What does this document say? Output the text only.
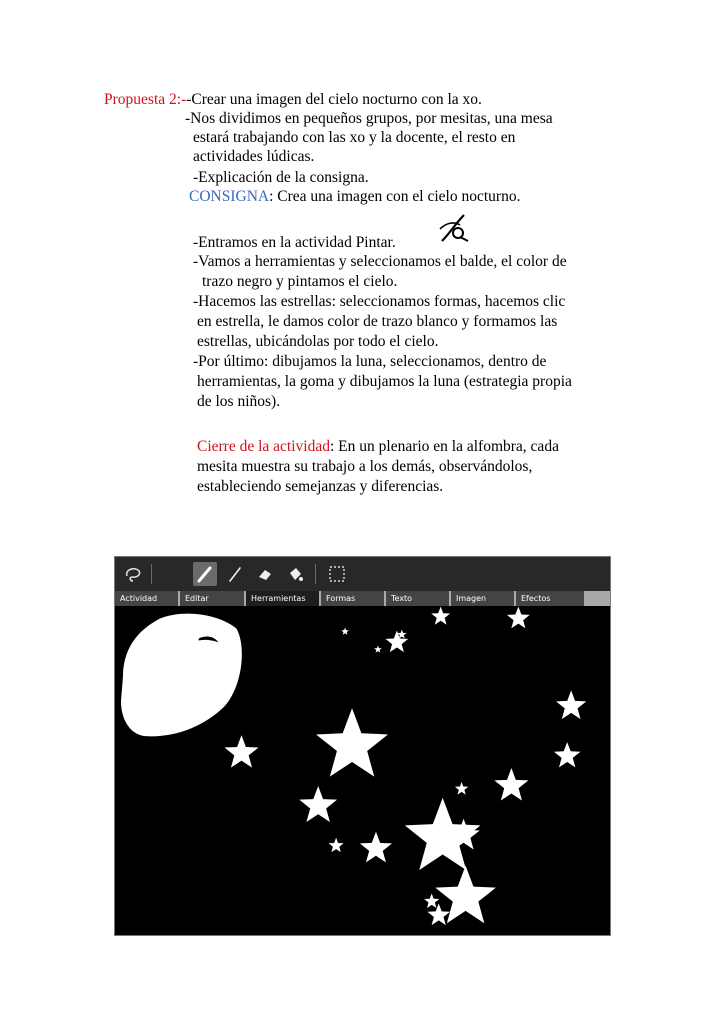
Propuesta 2:--Crear una imagen del cielo nocturno con la xo.
-Nos dividimos en pequeños grupos, por mesitas, una mesa
estará trabajando con las xo y la docente, el resto en
actividades lúdicas.
-Explicación de la consigna.
CONSIGNA: Crea una imagen con el cielo nocturno.
-Entramos en la actividad Pintar.
-Vamos a herramientas y seleccionamos el balde, el color de
trazo negro y pintamos el cielo.
-Hacemos las estrellas: seleccionamos formas, hacemos clic
en estrella, le damos color de trazo blanco y formamos las
estrellas, ubicándolas por todo el cielo.
-Por último: dibujamos la luna, seleccionamos, dentro de
herramientas, la goma y dibujamos la luna (estrategia propia
de los niños).
Cierre de la actividad: En un plenario en la alfombra, cada
mesita muestra su trabajo a los demás, observándolos,
estableciendo semejanzas y diferencias.
Actividad	Editar	Herramientas	Formas	Texto	Imagen	Efectos
